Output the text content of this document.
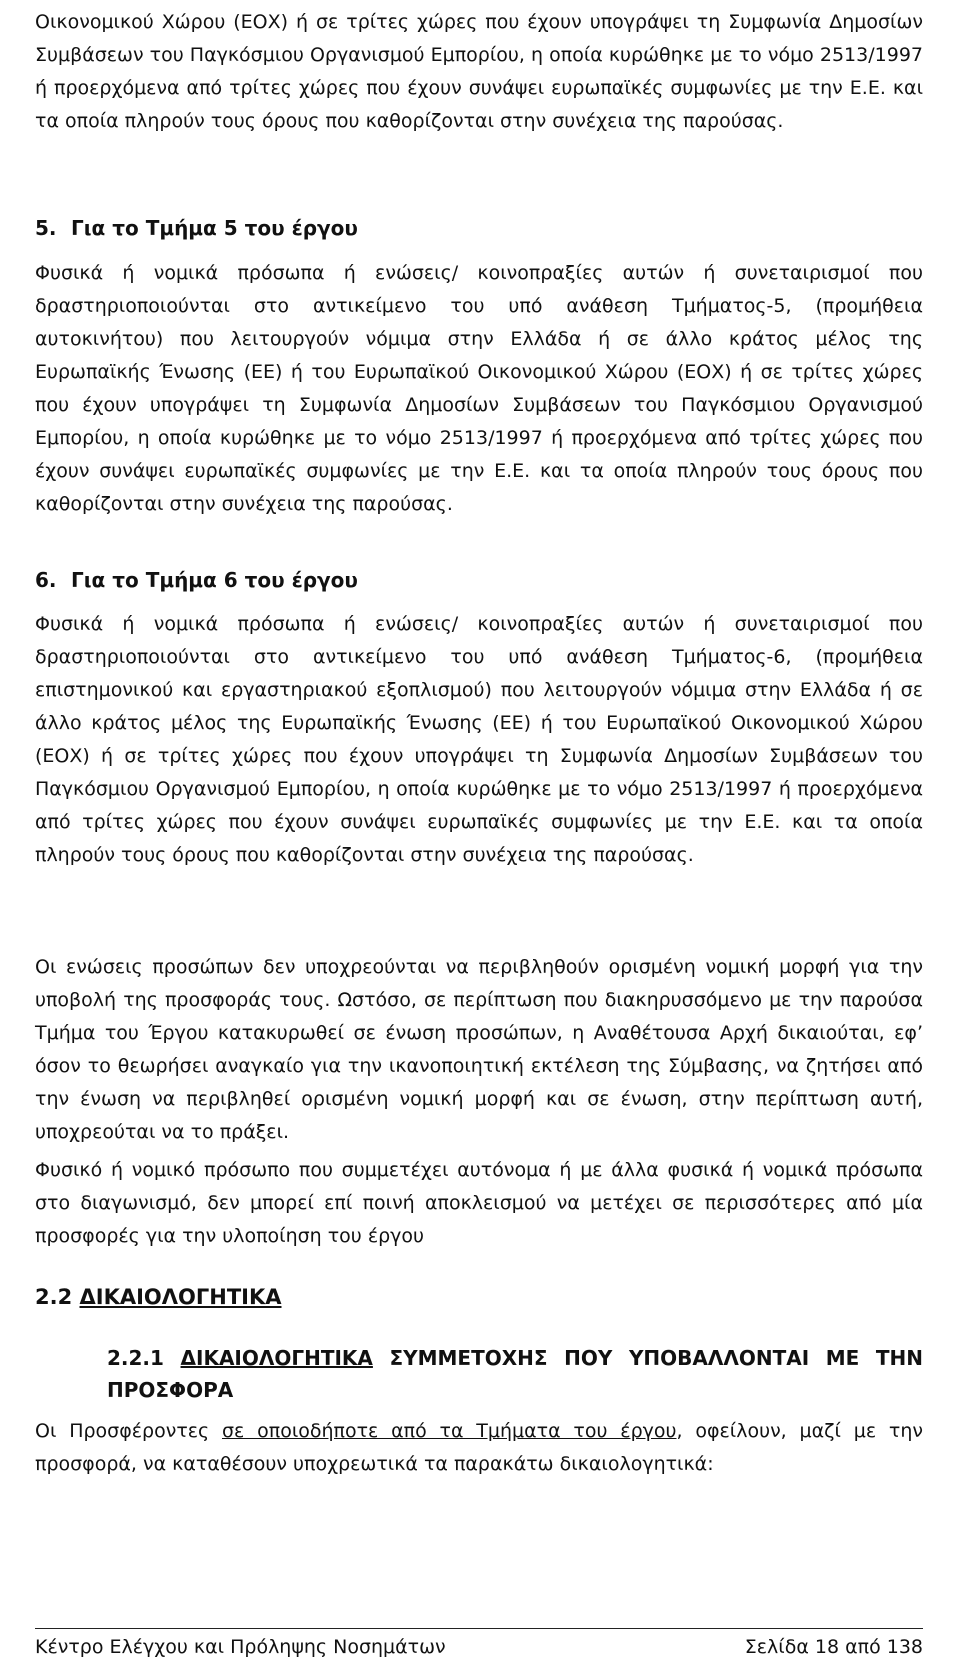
Οικονομικού Χώρου (ΕΟΧ) ή σε τρίτες χώρες που έχουν υπογράψει τη Συμφωνία Δημοσίων Συμβάσεων του Παγκόσμιου Οργανισμού Εμπορίου, η οποία κυρώθηκε με το νόμο 2513/1997 ή προερχόμενα από τρίτες χώρες που έχουν συνάψει ευρωπαϊκές συμφωνίες με την Ε.Ε. και τα οποία πληρούν τους όρους που καθορίζονται στην συνέχεια της παρούσας.

5. Για το Τμήμα 5 του έργου

Φυσικά ή νομικά πρόσωπα ή ενώσεις/ κοινοπραξίες αυτών ή συνεταιρισμοί που δραστηριοποιούνται στο αντικείμενο του υπό ανάθεση Τμήματος-5, (προμήθεια αυτοκινήτου) που λειτουργούν νόμιμα στην Ελλάδα ή σε άλλο κράτος μέλος της Ευρωπαϊκής Ένωσης (ΕΕ) ή του Ευρωπαϊκού Οικονομικού Χώρου (ΕΟΧ) ή σε τρίτες χώρες που έχουν υπογράψει τη Συμφωνία Δημοσίων Συμβάσεων του Παγκόσμιου Οργανισμού Εμπορίου, η οποία κυρώθηκε με το νόμο 2513/1997 ή προερχόμενα από τρίτες χώρες που έχουν συνάψει ευρωπαϊκές συμφωνίες με την Ε.Ε. και τα οποία πληρούν τους όρους που καθορίζονται στην συνέχεια της παρούσας.

6. Για το Τμήμα 6 του έργου

Φυσικά ή νομικά πρόσωπα ή ενώσεις/ κοινοπραξίες αυτών ή συνεταιρισμοί που δραστηριοποιούνται στο αντικείμενο του υπό ανάθεση Τμήματος-6, (προμήθεια επιστημονικού και εργαστηριακού εξοπλισμού) που λειτουργούν νόμιμα στην Ελλάδα ή σε άλλο κράτος μέλος της Ευρωπαϊκής Ένωσης (ΕΕ) ή του Ευρωπαϊκού Οικονομικού Χώρου (ΕΟΧ) ή σε τρίτες χώρες που έχουν υπογράψει τη Συμφωνία Δημοσίων Συμβάσεων του Παγκόσμιου Οργανισμού Εμπορίου, η οποία κυρώθηκε με το νόμο 2513/1997 ή προερχόμενα από τρίτες χώρες που έχουν συνάψει ευρωπαϊκές συμφωνίες με την Ε.Ε. και τα οποία πληρούν τους όρους που καθορίζονται στην συνέχεια της παρούσας.

Οι ενώσεις προσώπων δεν υποχρεούνται να περιβληθούν ορισμένη νομική μορφή για την υποβολή της προσφοράς τους. Ωστόσο, σε περίπτωση που διακηρυσσόμενο με την παρούσα Τμήμα του Έργου κατακυρωθεί σε ένωση προσώπων, η Αναθέτουσα Αρχή δικαιούται, εφ’ όσον το θεωρήσει αναγκαίο για την ικανοποιητική εκτέλεση της Σύμβασης, να ζητήσει από την ένωση να περιβληθεί ορισμένη νομική μορφή και σε ένωση, στην περίπτωση αυτή, υποχρεούται να το πράξει.

Φυσικό ή νομικό πρόσωπο που συμμετέχει αυτόνομα ή με άλλα φυσικά ή νομικά πρόσωπα στο διαγωνισμό, δεν μπορεί επί ποινή αποκλεισμού να μετέχει σε περισσότερες από μία προσφορές για την υλοποίηση του έργου

2.2 ΔΙΚΑΙΟΛΟΓΗΤΙΚΑ
2.2.1 ΔΙΚΑΙΟΛΟΓΗΤΙΚΑ ΣΥΜΜΕΤΟΧΗΣ ΠΟΥ ΥΠΟΒΑΛΛΟΝΤΑΙ ΜΕ ΤΗΝ ΠΡΟΣΦΟΡΑ

Οι Προσφέροντες σε οποιοδήποτε από τα Τμήματα του έργου, οφείλουν, μαζί με την προσφορά, να καταθέσουν υποχρεωτικά τα παρακάτω δικαιολογητικά:

Κέντρο Ελέγχου και Πρόληψης Νοσημάτων	Σελίδα 18 από 138
